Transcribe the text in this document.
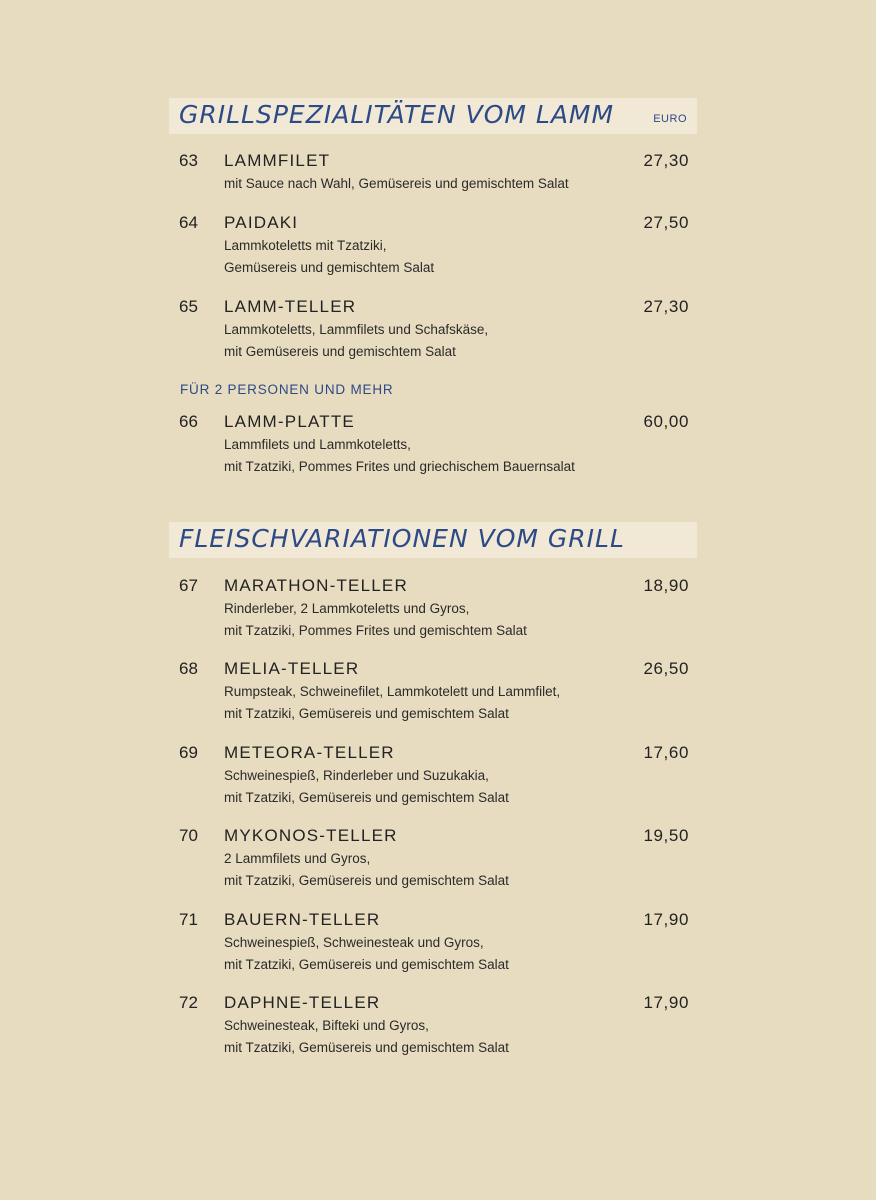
GRILLSPEZIALITÄTEN VOM LAMM	EURO
63 LAMMFILET	27,30
mit Sauce nach Wahl, Gemüsereis und gemischtem Salat
64 PAIDAKI	27,50
Lammkoteletts mit Tzatziki,
Gemüsereis und gemischtem Salat
65 LAMM-TELLER	27,30
Lammkoteletts, Lammfilets und Schafskäse,
mit Gemüsereis und gemischtem Salat
FÜR 2 PERSONEN UND MEHR
66 LAMM-PLATTE	60,00
Lammfilets und Lammkoteletts,
mit Tzatziki, Pommes Frites und griechischem Bauernsalat
FLEISCHVARIATIONEN VOM GRILL
67 MARATHON-TELLER	18,90
Rinderleber, 2 Lammkoteletts und Gyros,
mit Tzatziki, Pommes Frites und gemischtem Salat
68 MELIA-TELLER	26,50
Rumpsteak, Schweinefilet, Lammkotelett und Lammfilet,
mit Tzatziki, Gemüsereis und gemischtem Salat
69 METEORA-TELLER	17,60
Schweinespieß, Rinderleber und Suzukakia,
mit Tzatziki, Gemüsereis und gemischtem Salat
70 MYKONOS-TELLER	19,50
2 Lammfilets und Gyros,
mit Tzatziki, Gemüsereis und gemischtem Salat
71 BAUERN-TELLER	17,90
Schweinespieß, Schweinesteak und Gyros,
mit Tzatziki, Gemüsereis und gemischtem Salat
72 DAPHNE-TELLER	17,90
Schweinesteak, Bifteki und Gyros,
mit Tzatziki, Gemüsereis und gemischtem Salat
